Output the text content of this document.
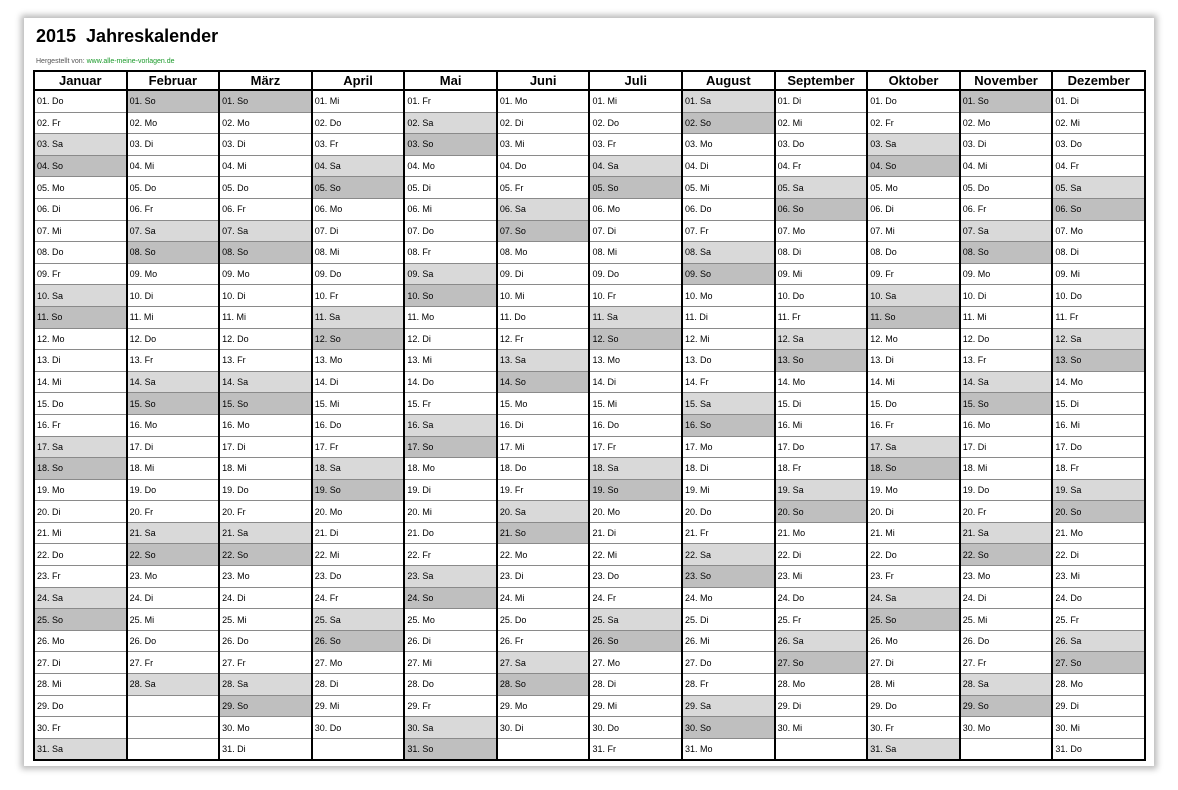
2015  Jahreskalender
Hergestellt von: www.alle-meine-vorlagen.de
Januar	Februar	März	April	Mai	Juni	Juli	August	September	Oktober	November	Dezember
01. Do	01. So	01. So	01. Mi	01. Fr	01. Mo	01. Mi	01. Sa	01. Di	01. Do	01. So	01. Di
02. Fr	02. Mo	02. Mo	02. Do	02. Sa	02. Di	02. Do	02. So	02. Mi	02. Fr	02. Mo	02. Mi
03. Sa	03. Di	03. Di	03. Fr	03. So	03. Mi	03. Fr	03. Mo	03. Do	03. Sa	03. Di	03. Do
04. So	04. Mi	04. Mi	04. Sa	04. Mo	04. Do	04. Sa	04. Di	04. Fr	04. So	04. Mi	04. Fr
05. Mo	05. Do	05. Do	05. So	05. Di	05. Fr	05. So	05. Mi	05. Sa	05. Mo	05. Do	05. Sa
06. Di	06. Fr	06. Fr	06. Mo	06. Mi	06. Sa	06. Mo	06. Do	06. So	06. Di	06. Fr	06. So
07. Mi	07. Sa	07. Sa	07. Di	07. Do	07. So	07. Di	07. Fr	07. Mo	07. Mi	07. Sa	07. Mo
08. Do	08. So	08. So	08. Mi	08. Fr	08. Mo	08. Mi	08. Sa	08. Di	08. Do	08. So	08. Di
09. Fr	09. Mo	09. Mo	09. Do	09. Sa	09. Di	09. Do	09. So	09. Mi	09. Fr	09. Mo	09. Mi
10. Sa	10. Di	10. Di	10. Fr	10. So	10. Mi	10. Fr	10. Mo	10. Do	10. Sa	10. Di	10. Do
11. So	11. Mi	11. Mi	11. Sa	11. Mo	11. Do	11. Sa	11. Di	11. Fr	11. So	11. Mi	11. Fr
12. Mo	12. Do	12. Do	12. So	12. Di	12. Fr	12. So	12. Mi	12. Sa	12. Mo	12. Do	12. Sa
13. Di	13. Fr	13. Fr	13. Mo	13. Mi	13. Sa	13. Mo	13. Do	13. So	13. Di	13. Fr	13. So
14. Mi	14. Sa	14. Sa	14. Di	14. Do	14. So	14. Di	14. Fr	14. Mo	14. Mi	14. Sa	14. Mo
15. Do	15. So	15. So	15. Mi	15. Fr	15. Mo	15. Mi	15. Sa	15. Di	15. Do	15. So	15. Di
16. Fr	16. Mo	16. Mo	16. Do	16. Sa	16. Di	16. Do	16. So	16. Mi	16. Fr	16. Mo	16. Mi
17. Sa	17. Di	17. Di	17. Fr	17. So	17. Mi	17. Fr	17. Mo	17. Do	17. Sa	17. Di	17. Do
18. So	18. Mi	18. Mi	18. Sa	18. Mo	18. Do	18. Sa	18. Di	18. Fr	18. So	18. Mi	18. Fr
19. Mo	19. Do	19. Do	19. So	19. Di	19. Fr	19. So	19. Mi	19. Sa	19. Mo	19. Do	19. Sa
20. Di	20. Fr	20. Fr	20. Mo	20. Mi	20. Sa	20. Mo	20. Do	20. So	20. Di	20. Fr	20. So
21. Mi	21. Sa	21. Sa	21. Di	21. Do	21. So	21. Di	21. Fr	21. Mo	21. Mi	21. Sa	21. Mo
22. Do	22. So	22. So	22. Mi	22. Fr	22. Mo	22. Mi	22. Sa	22. Di	22. Do	22. So	22. Di
23. Fr	23. Mo	23. Mo	23. Do	23. Sa	23. Di	23. Do	23. So	23. Mi	23. Fr	23. Mo	23. Mi
24. Sa	24. Di	24. Di	24. Fr	24. So	24. Mi	24. Fr	24. Mo	24. Do	24. Sa	24. Di	24. Do
25. So	25. Mi	25. Mi	25. Sa	25. Mo	25. Do	25. Sa	25. Di	25. Fr	25. So	25. Mi	25. Fr
26. Mo	26. Do	26. Do	26. So	26. Di	26. Fr	26. So	26. Mi	26. Sa	26. Mo	26. Do	26. Sa
27. Di	27. Fr	27. Fr	27. Mo	27. Mi	27. Sa	27. Mo	27. Do	27. So	27. Di	27. Fr	27. So
28. Mi	28. Sa	28. Sa	28. Di	28. Do	28. So	28. Di	28. Fr	28. Mo	28. Mi	28. Sa	28. Mo
29. Do		29. So	29. Mi	29. Fr	29. Mo	29. Mi	29. Sa	29. Di	29. Do	29. So	29. Di
30. Fr		30. Mo	30. Do	30. Sa	30. Di	30. Do	30. So	30. Mi	30. Fr	30. Mo	30. Mi
31. Sa		31. Di		31. So		31. Fr	31. Mo		31. Sa		31. Do
